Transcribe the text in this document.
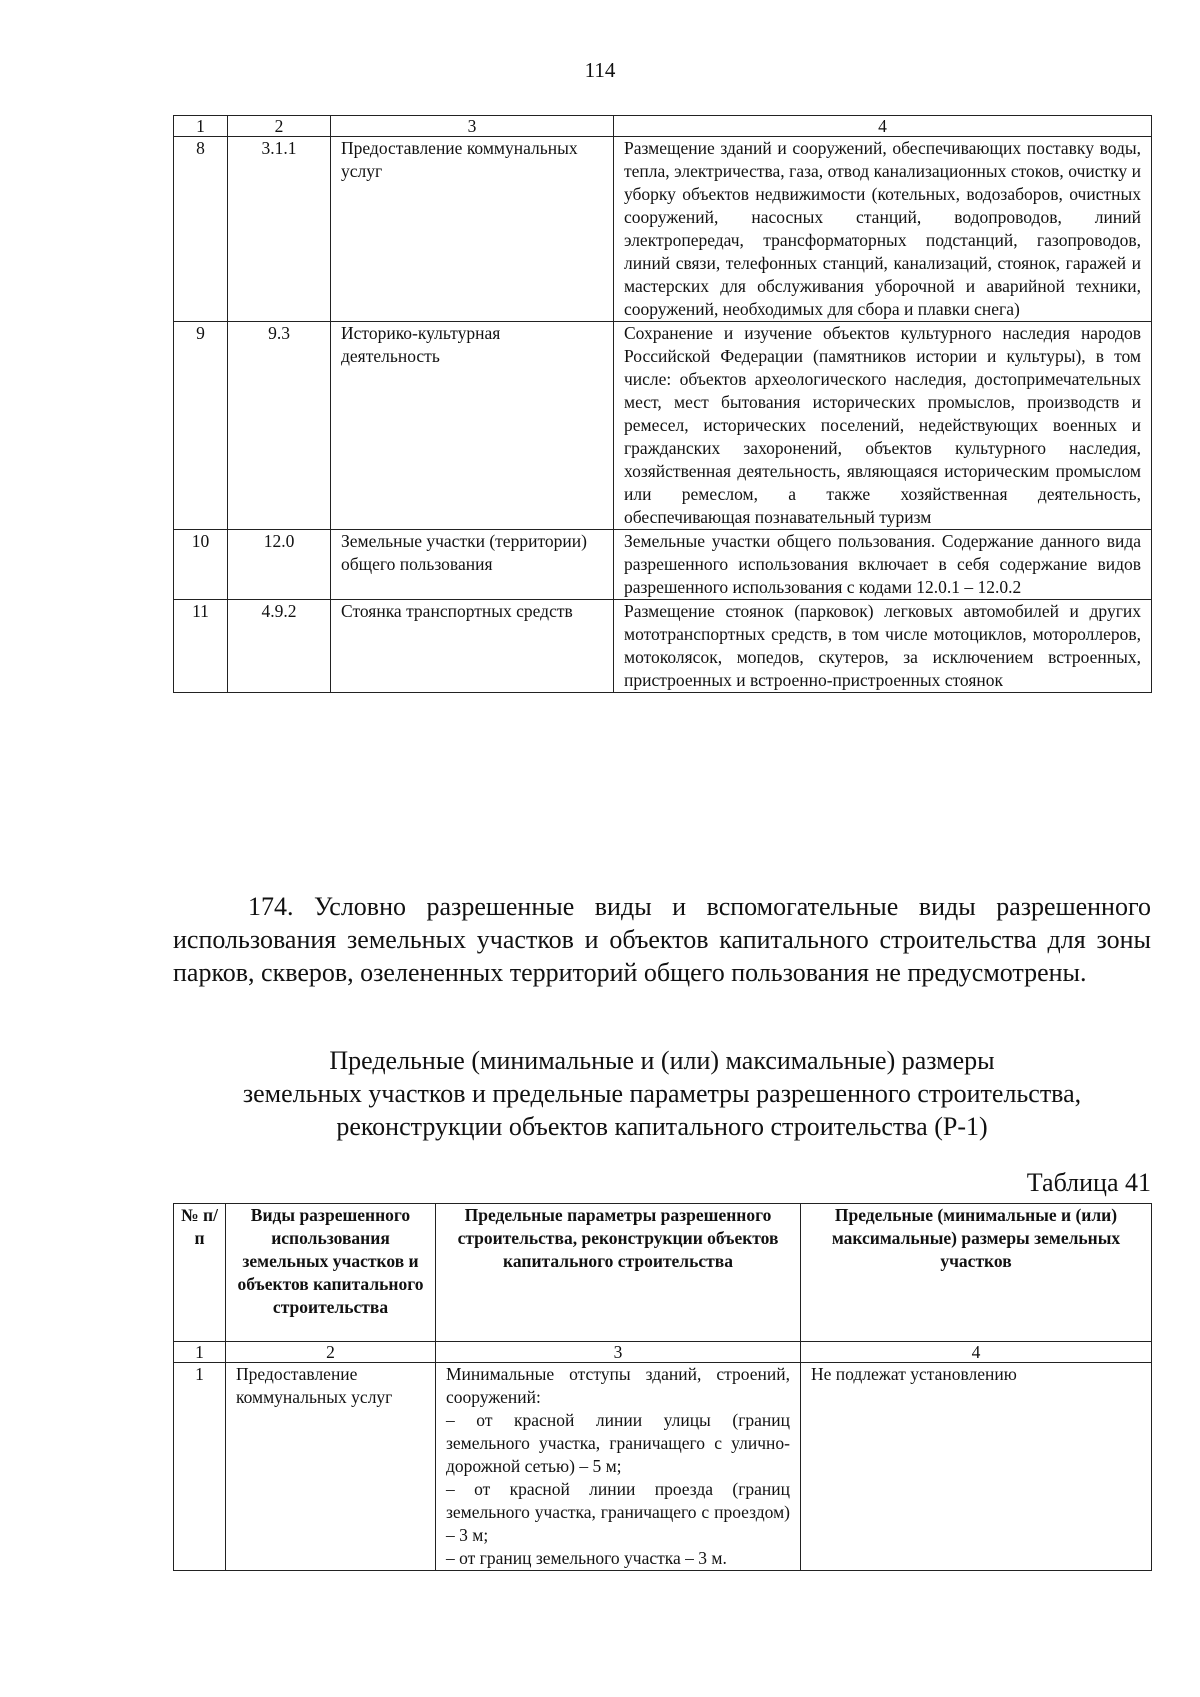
114
1	2	3	4
8	3.1.1	Предоставление коммунальных услуг	Размещение зданий и сооружений, обеспечивающих поставку воды, тепла, электричества, газа, отвод канализационных стоков, очистку и уборку объектов недвижимости (котельных, водозаборов, очистных сооружений, насосных станций, водопроводов, линий электропередач, трансформаторных подстанций, газопроводов, линий связи, телефонных станций, канализаций, стоянок, гаражей и мастерских для обслуживания уборочной и аварийной техники, сооружений, необходимых для сбора и плавки снега)
9	9.3	Историко-культурная деятельность	Сохранение и изучение объектов культурного наследия народов Российской Федерации (памятников истории и культуры), в том числе: объектов археологического наследия, достопримечательных мест, мест бытования исторических промыслов, производств и ремесел, исторических поселений, недействующих военных и гражданских захоронений, объектов культурного наследия, хозяйственная деятельность, являющаяся историческим промыслом или ремеслом, а также хозяйственная деятельность, обеспечивающая познавательный туризм
10	12.0	Земельные участки (территории) общего пользования	Земельные участки общего пользования. Содержание данного вида разрешенного использования включает в себя содержание видов разрешенного использования с кодами 12.0.1 – 12.0.2
11	4.9.2	Стоянка транспортных средств	Размещение стоянок (парковок) легковых автомобилей и других мототранспортных средств, в том числе мотоциклов, мотороллеров, мотоколясок, мопедов, скутеров, за исключением встроенных, пристроенных и встроенно-пристроенных стоянок
174. Условно разрешенные виды и вспомогательные виды разрешенного использования земельных участков и объектов капитального строительства для зоны парков, скверов, озелененных территорий общего пользования не предусмотрены.
Предельные (минимальные и (или) максимальные) размеры
земельных участков и предельные параметры разрешенного строительства,
реконструкции объектов капитального строительства (Р-1)
Таблица 41
№ п/п	Виды разрешенного использования земельных участков и объектов капитального строительства	Предельные параметры разрешенного строительства, реконструкции объектов капитального строительства	Предельные (минимальные и (или) максимальные) размеры земельных участков
1	2	3	4
1	Предоставление коммунальных услуг	Минимальные отступы зданий, строений, сооружений:
– от красной линии улицы (границ земельного участка, граничащего с улично-дорожной сетью) – 5 м;
– от красной линии проезда (границ земельного участка, граничащего с проездом) – 3 м;
– от границ земельного участка – 3 м.	Не подлежат установлению
